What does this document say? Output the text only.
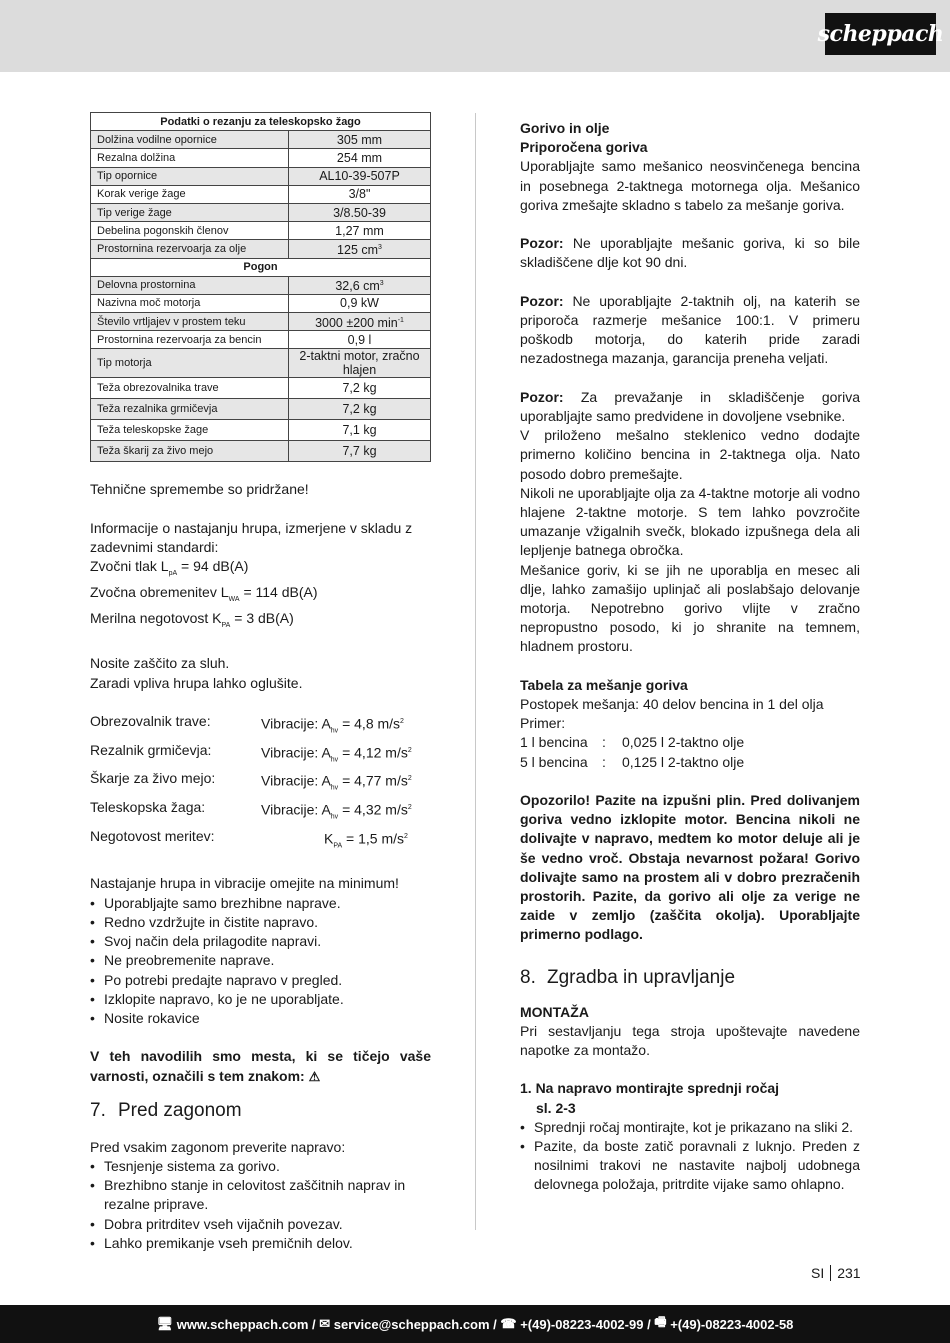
scheppach
Podatki o rezanju za teleskopsko žago	
Dolžina vodilne opornice	305 mm
Rezalna dolžina	254 mm
Tip opornice	AL10-39-507P
Korak verige žage	3/8"
Tip verige žage	3/8.50-39
Debelina pogonskih členov	1,27 mm
Prostornina rezervoarja za olje	125 $cm^3$
Pogon	
Delovna prostornina	32,6 $cm^3$
Nazivna moč motorja	0,9 kW
Število vrtljajev v prostem teku	3000 ±200 $\min^{-1}$
Prostornina rezervoarja za bencin	0,9 l
Tip motorja	2-taktni motor, zračno hlajen
Teža obrezovalnika trave	7,2 kg
Teža rezalnika grmičevja	7,2 kg
Teža teleskopske žage	7,1 kg
Teža škarij za živo mejo	7,7 kg

Tehnične spremembe so pridržane!

Informacije o nastajanju hrupa, izmerjene v skladu z zadevnimi standardi:

Zvočni tlak $L_{pA} = 94$ dB(A)

Zvočna obremenitev $L_{WA} = 114$ dB(A)

Merilna negotovost $K_{PA} = 3$ dB(A)

Nosite zaščito za sluh.

Zaradi vpliva hrupa lahko oglušite.

Obrezovalnik trave:	Vibracije: $A_{hv} = 4,8$ $m/s^2$
Rezalnik grmičevja:	Vibracije: $A_{hv} = 4,12$ $m/s^2$
Škarje za živo mejo:	Vibracije: $A_{hv} = 4,77$ $m/s^2$
Teleskopska žaga:	Vibracije: $A_{hv} = 4,32$ $m/s^2$
Negotovost meritev:	$K_{PA} = 1,5$ $m/s^2$

Nastajanje hrupa in vibracije omejite na minimum!

• Uporabljajte samo brezhibne naprave.
• Redno vzdržujte in čistite napravo.
• Svoj način dela prilagodite napravi.
• Ne preobremenite naprave.
• Po potrebi predajte napravo v pregled.
• Izklopite napravo, ko je ne uporabljate.
• Nosite rokavice

V teh navodilih smo mesta, ki se tičejo vaše varnosti, označili s tem znakom: ⚠

7. Pred zagonom

Pred vsakim zagonom preverite napravo:

• Tesnjenje sistema za gorivo.
• Brezhibno stanje in celovitost zaščitnih naprav in rezalne priprave.
• Dobra pritrditev vseh vijačnih povezav.
• Lahko premikanje vseh premičnih delov.

Gorivo in olje

Priporočena goriva

Uporabljajte samo mešanico neosvinčenega bencina in posebnega 2-taktnega motornega olja. Mešanico goriva zmešajte skladno s tabelo za mešanje goriva.

Pozor: Ne uporabljajte mešanic goriva, ki so bile skladiščene dlje kot 90 dni.

Pozor: Ne uporabljajte 2-taktnih olj, na katerih se priporoča razmerje mešanice 100:1. V primeru poškodb motorja, do katerih pride zaradi nezadostnega mazanja, garancija preneha veljati.

Pozor: Za prevažanje in skladiščenje goriva uporabljajte samo predvidene in dovoljene vsebnike.

V priloženo mešalno steklenico vedno dodajte primerno količino bencina in 2-taktnega olja. Nato posodo dobro premešajte.

Nikoli ne uporabljajte olja za 4-taktne motorje ali vodno hlajene 2-taktne motorje. S tem lahko povzročite umazanje vžigalnih svečk, blokado izpušnega dela ali lepljenje batnega obročka.

Mešanice goriv, ki se jih ne uporablja en mesec ali dlje, lahko zamašijo uplinjač ali poslabšajo delovanje motorja. Nepotrebno gorivo vlijte v zračno nepropustno posodo, ki jo shranite na temnem, hladnem prostoru.

Tabela za mešanje goriva

Postopek mešanja: 40 delov bencina in 1 del olja

Primer:

1 l bencina	:	0,025 l 2-taktno olje
5 l bencina	:	0,125 l 2-taktno olje

Opozorilo! Pazite na izpušni plin. Pred dolivanjem goriva vedno izklopite motor. Bencina nikoli ne dolivajte v napravo, medtem ko motor deluje ali je še vedno vroč. Obstaja nevarnost požara! Gorivo dolivajte samo na prostem ali v dobro prezračenih prostorih. Pazite, da gorivo ali olje za verige ne zaide v zemljo (zaščita okolja). Uporabljajte primerno podlago.

8. Zgradba in upravljanje

MONTAŽA

Pri sestavljanju tega stroja upoštevajte navedene napotke za montažo.

1. Na napravo montirajte sprednji ročaj

sl. 2-3

• Sprednji ročaj montirajte, kot je prikazano na sliki 2.
• Pazite, da boste zatič poravnali z luknjo. Preden z nosilnimi trakovi ne nastavite najbolj udobnega delovnega položaja, pritrdite vijake samo ohlapno.
SI 231
🖥 www.scheppach.com / ✉ service@scheppach.com / ☎ +(49)-08223-4002-99 / 🖷 +(49)-08223-4002-58
